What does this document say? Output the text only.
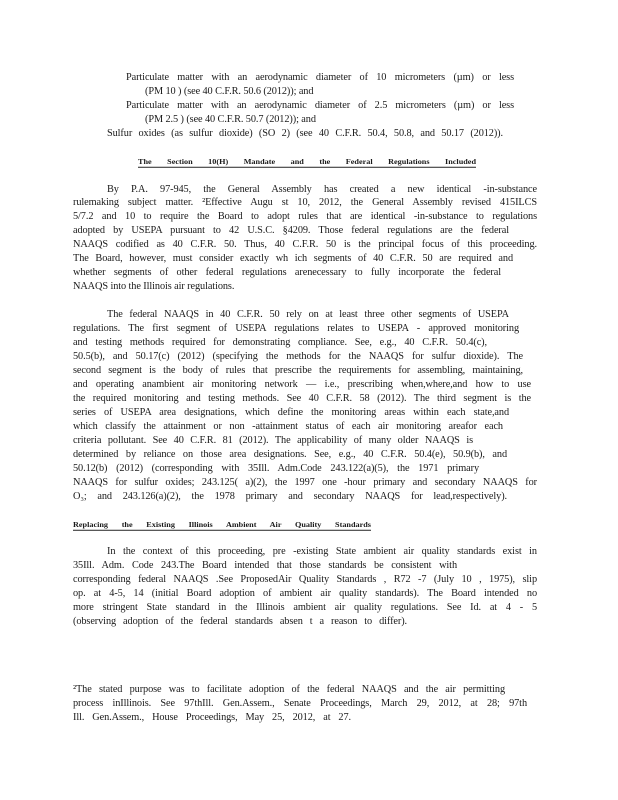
Particulate matter with an aerodynamic diameter of 10 micrometers (µm) or less
(PM 10 ) (see 40 C.F.R. 50.6 (2012)); and
Particulate matter with an aerodynamic diameter of 2.5 micrometers (µm) or less
(PM 2.5 ) (see 40 C.F.R. 50.7 (2012)); and
Sulfur oxides (as sulfur dioxide) (SO 2) (see 40 C.F.R. 50.4, 50.8, and 50.17 (2012)).
The Section 10(H) Mandate and the Federal Regulations Included
By P.A. 97-945, the General Assembly has created a new identical -in-substance
rulemaking subject matter. ²Effective Augu st 10, 2012, the General Assembly revised 415ILCS
5/7.2 and 10 to require the Board to adopt rules that are identical -in-substance to regulations
adopted by USEPA pursuant to 42 U.S.C. §4209. Those federal regulations are the federal
NAAQS codified as 40 C.F.R. 50. Thus, 40 C.F.R. 50 is the principal focus of this proceeding.
The Board, however, must consider exactly wh ich segments of 40 C.F.R. 50 are required and
whether segments of other federal regulations arenecessary to fully incorporate the federal
NAAQS into the Illinois air regulations.
The federal NAAQS in 40 C.F.R. 50 rely on at least three other segments of USEPA
regulations. The first segment of USEPA regulations relates to USEPA - approved monitoring
and testing methods required for demonstrating compliance. See, e.g., 40 C.F.R. 50.4(c),
50.5(b), and 50.17(c) (2012) (specifying the methods for the NAAQS for sulfur dioxide). The
second segment is the body of rules that prescribe the requirements for assembling, maintaining,
and operating anambient air monitoring network — i.e., prescribing when,where,and how to use
the required monitoring and testing methods. See 40 C.F.R. 58 (2012). The third segment is the
series of USEPA area designations, which define the monitoring areas within each state,and
which classify the attainment or non -attainment status of each air monitoring areafor each
criteria pollutant. See 40 C.F.R. 81 (2012). The applicability of many older NAAQS is
determined by reliance on those area designations. See, e.g., 40 C.F.R. 50.4(e), 50.9(b), and
50.12(b) (2012) (corresponding with 35Ill. Adm.Code 243.122(a)(5), the 1971 primary
NAAQS for sulfur oxides; 243.125( a)(2), the 1997 one -hour primary and secondary NAAQS for
O₃; and 243.126(a)(2), the 1978 primary and secondary NAAQS for lead,respectively).
Replacing the Existing Illinois Ambient Air Quality Standards
In the context of this proceeding, pre -existing State ambient air quality standards exist in
35Ill. Adm. Code 243.The Board intended that those standards be consistent with
corresponding federal NAAQS .See ProposedAir Quality Standards , R72 -7 (July 10 , 1975), slip
op. at 4-5, 14 (initial Board adoption of ambient air quality standards). The Board intended no
more stringent State standard in the Illinois ambient air quality regulations. See Id. at 4 - 5
(observing adoption of the federal standards absen t a reason to differ).
²The stated purpose was to facilitate adoption of the federal NAAQS and the air permitting
process inIllinois. See 97thIll. Gen.Assem., Senate Proceedings, March 29, 2012, at 28; 97th
Ill. Gen.Assem., House Proceedings, May 25, 2012, at 27.
